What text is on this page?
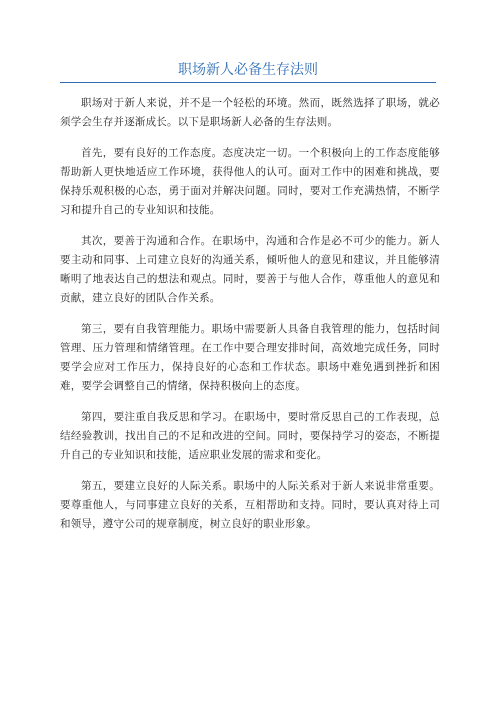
职场新人必备生存法则

职场对于新人来说，并不是一个轻松的环境。然而，既然选择了职场，就必须学会生存并逐渐成长。以下是职场新人必备的生存法则。

首先，要有良好的工作态度。态度决定一切。一个积极向上的工作态度能够帮助新人更快地适应工作环境，获得他人的认可。面对工作中的困难和挑战，要保持乐观积极的心态，勇于面对并解决问题。同时，要对工作充满热情，不断学习和提升自己的专业知识和技能。

其次，要善于沟通和合作。在职场中，沟通和合作是必不可少的能力。新人要主动和同事、上司建立良好的沟通关系，倾听他人的意见和建议，并且能够清晰明了地表达自己的想法和观点。同时，要善于与他人合作，尊重他人的意见和贡献，建立良好的团队合作关系。

第三，要有自我管理能力。职场中需要新人具备自我管理的能力，包括时间管理、压力管理和情绪管理。在工作中要合理安排时间，高效地完成任务，同时要学会应对工作压力，保持良好的心态和工作状态。职场中难免遇到挫折和困难，要学会调整自己的情绪，保持积极向上的态度。

第四，要注重自我反思和学习。在职场中，要时常反思自己的工作表现，总结经验教训，找出自己的不足和改进的空间。同时，要保持学习的姿态，不断提升自己的专业知识和技能，适应职业发展的需求和变化。

第五，要建立良好的人际关系。职场中的人际关系对于新人来说非常重要。要尊重他人，与同事建立良好的关系，互相帮助和支持。同时，要认真对待上司和领导，遵守公司的规章制度，树立良好的职业形象。
